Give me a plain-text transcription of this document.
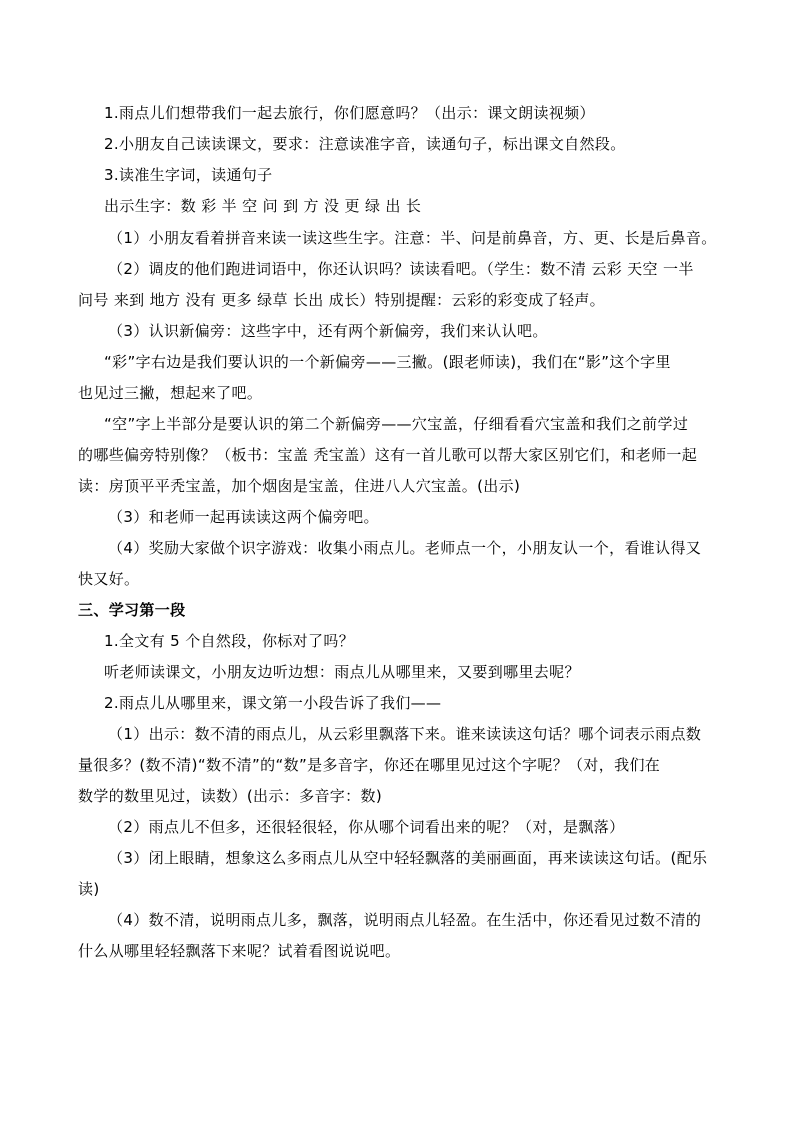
1.雨点儿们想带我们一起去旅行，你们愿意吗？（出示：课文朗读视频）
2.小朋友自己读读课文，要求：注意读准字音，读通句子，标出课文自然段。
3.读准生字词，读通句子
出示生字：数 彩 半 空 问 到 方 没 更 绿 出 长
（1）小朋友看着拼音来读一读这些生字。注意：半、问是前鼻音，方、更、长是后鼻音。
（2）调皮的他们跑进词语中，你还认识吗？读读看吧。（学生：数不清 云彩 天空 一半
问号 来到 地方 没有 更多 绿草 长出 成长）特别提醒：云彩的彩变成了轻声。
（3）认识新偏旁：这些字中，还有两个新偏旁，我们来认认吧。
“彩”字右边是我们要认识的一个新偏旁——三撇。(跟老师读)，我们在“影”这个字里
也见过三撇，想起来了吧。
“空”字上半部分是要认识的第二个新偏旁——穴宝盖，仔细看看穴宝盖和我们之前学过
的哪些偏旁特别像？（板书：宝盖 秃宝盖）这有一首儿歌可以帮大家区别它们，和老师一起
读：房顶平平秃宝盖，加个烟囱是宝盖，住进八人穴宝盖。(出示)
（3）和老师一起再读读这两个偏旁吧。
（4）奖励大家做个识字游戏：收集小雨点儿。老师点一个，小朋友认一个，看谁认得又
快又好。
三、学习第一段
1.全文有 5 个自然段，你标对了吗？
听老师读课文，小朋友边听边想：雨点儿从哪里来，又要到哪里去呢？
2.雨点儿从哪里来，课文第一小段告诉了我们——
（1）出示：数不清的雨点儿，从云彩里飘落下来。谁来读读这句话？哪个词表示雨点数
量很多？(数不清)“数不清”的“数”是多音字，你还在哪里见过这个字呢？（对，我们在
数学的数里见过，读数）(出示：多音字：数)
（2）雨点儿不但多，还很轻很轻，你从哪个词看出来的呢？（对，是飘落）
（3）闭上眼睛，想象这么多雨点儿从空中轻轻飘落的美丽画面，再来读读这句话。(配乐
读)
（4）数不清，说明雨点儿多，飘落，说明雨点儿轻盈。在生活中，你还看见过数不清的
什么从哪里轻轻飘落下来呢？试着看图说说吧。
